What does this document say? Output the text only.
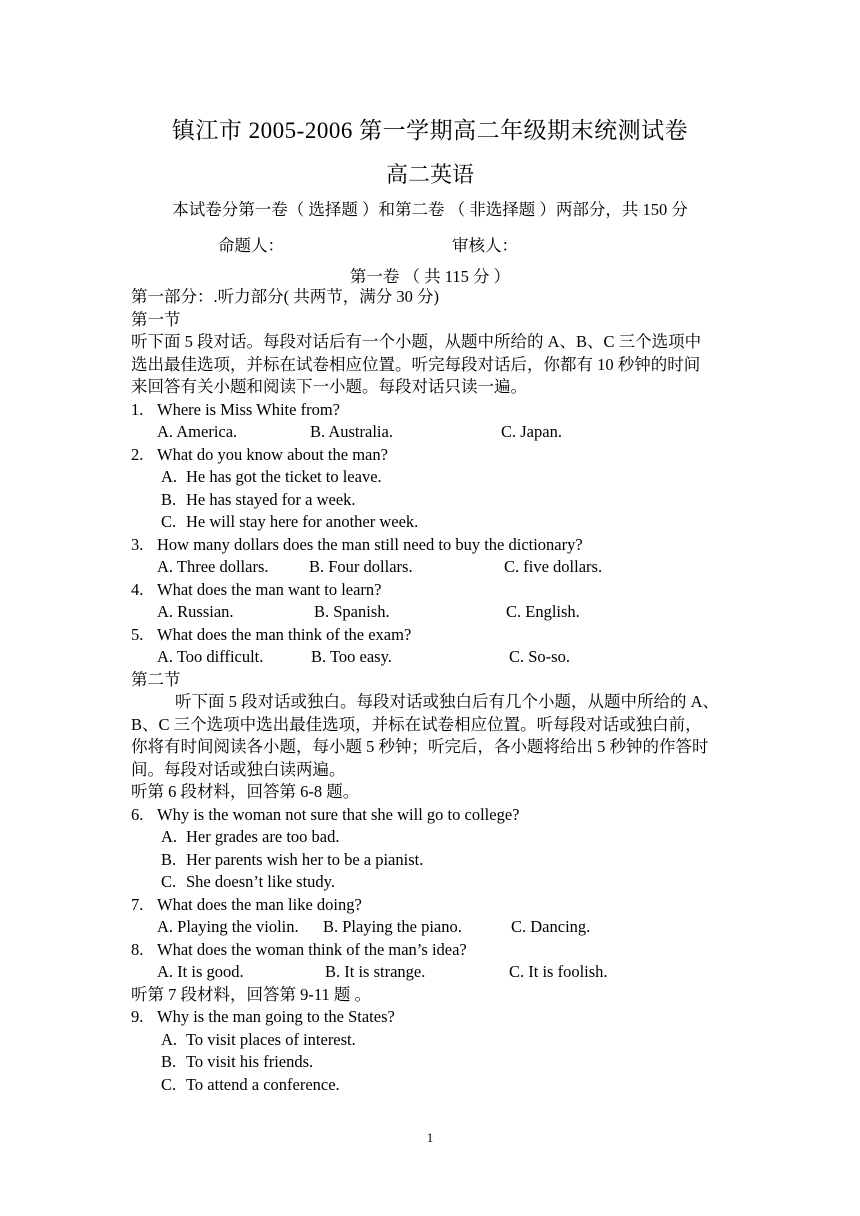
镇江市 2005-2006 第一学期高二年级期末统测试卷
高二英语
本试卷分第一卷（ 选择题 ）和第二卷 （ 非选择题 ）两部分，共 150 分
命题人：	审核人：
第一卷 （ 共 115 分 ）
第一部分：.听力部分( 共两节，满分 30 分)
第一节
听下面 5 段对话。每段对话后有一个小题，从题中所给的 A、B、C 三个选项中
选出最佳选项，并标在试卷相应位置。听完每段对话后，你都有 10 秒钟的时间
来回答有关小题和阅读下一小题。每段对话只读一遍。
1. Where is Miss White from?
A. America.	B. Australia.	C. Japan.
2. What do you know about the man?
A. He has got the ticket to leave.
B. He has stayed for a week.
C. He will stay here for another week.
3. How many dollars does the man still need to buy the dictionary?
A. Three dollars. B. Four dollars.	C. five dollars.
4. What does the man want to learn?
A. Russian.	B. Spanish.	C. English.
5. What does the man think of the exam?
A. Too difficult.	B. Too easy.	C. So-so.
第二节
听下面 5 段对话或独白。每段对话或独白后有几个小题，从题中所给的 A、
B、C 三个选项中选出最佳选项，并标在试卷相应位置。听每段对话或独白前，
你将有时间阅读各小题，每小题 5 秒钟；听完后，各小题将给出 5 秒钟的作答时
间。每段对话或独白读两遍。
听第 6 段材料，回答第 6-8 题。
6. Why is the woman not sure that she will go to college?
A. Her grades are too bad.
B. Her parents wish her to be a pianist.
C. She doesn’t like study.
7. What does the man like doing?
A. Playing the violin. B. Playing the piano.	C. Dancing.
8. What does the woman think of the man’s idea?
A. It is good.	B. It is strange.	C. It is foolish.
听第 7 段材料，回答第 9-11 题 。
9. Why is the man going to the States?
A. To visit places of interest.
B. To visit his friends.
C. To attend a conference.
1
